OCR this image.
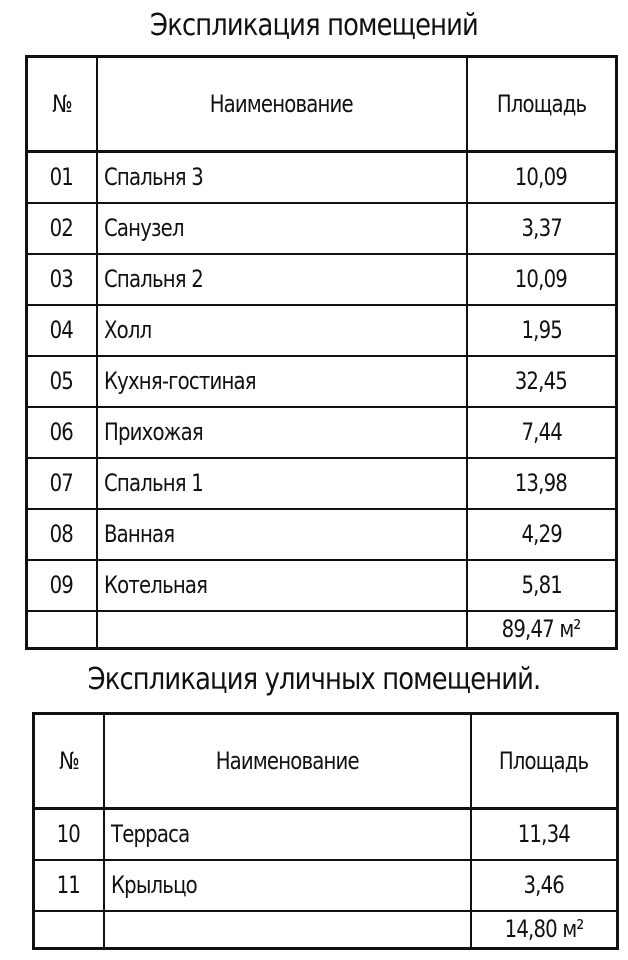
Экспликация помещений
№	Наименование	Площадь
01	Спальня 3	10,09
02	Санузел	3,37
03	Спальня 2	10,09
04	Холл	1,95
05	Кухня-гостиная	32,45
06	Прихожая	7,44
07	Спальня 1	13,98
08	Ванная	4,29
09	Котельная	5,81
		89,47 м²
Экспликация уличных помещений.
№	Наименование	Площадь
10	Терраса	11,34
11	Крыльцо	3,46
		14,80 м²
